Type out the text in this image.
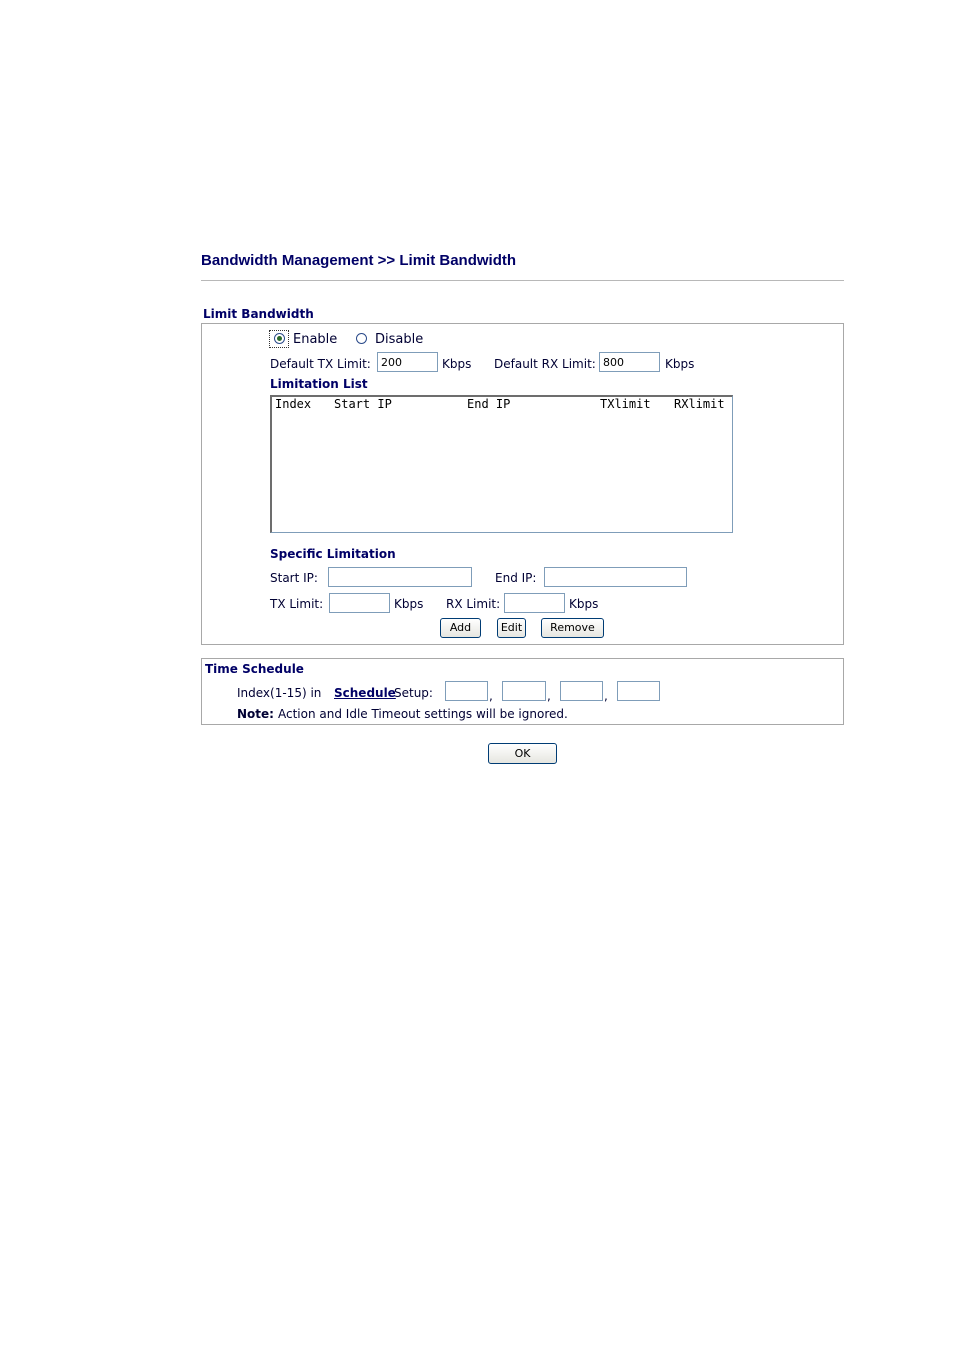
Bandwidth Management >> Limit Bandwidth
Limit Bandwidth
Enable	Disable
Default TX Limit:
200	Kbps Default RX Limit:
800	Kbps
Limitation List
Index Start IP	End IP	TXlimit RXlimit
Specific Limitation
Start IP:	End IP:
TX Limit:	Kbps RX Limit:	Kbps
Add	Edit	Remove
Time Schedule
Index(1-15) in Schedule
Setup:	,	,	,
Note: Action and Idle Timeout settings will be ignored.
OK
